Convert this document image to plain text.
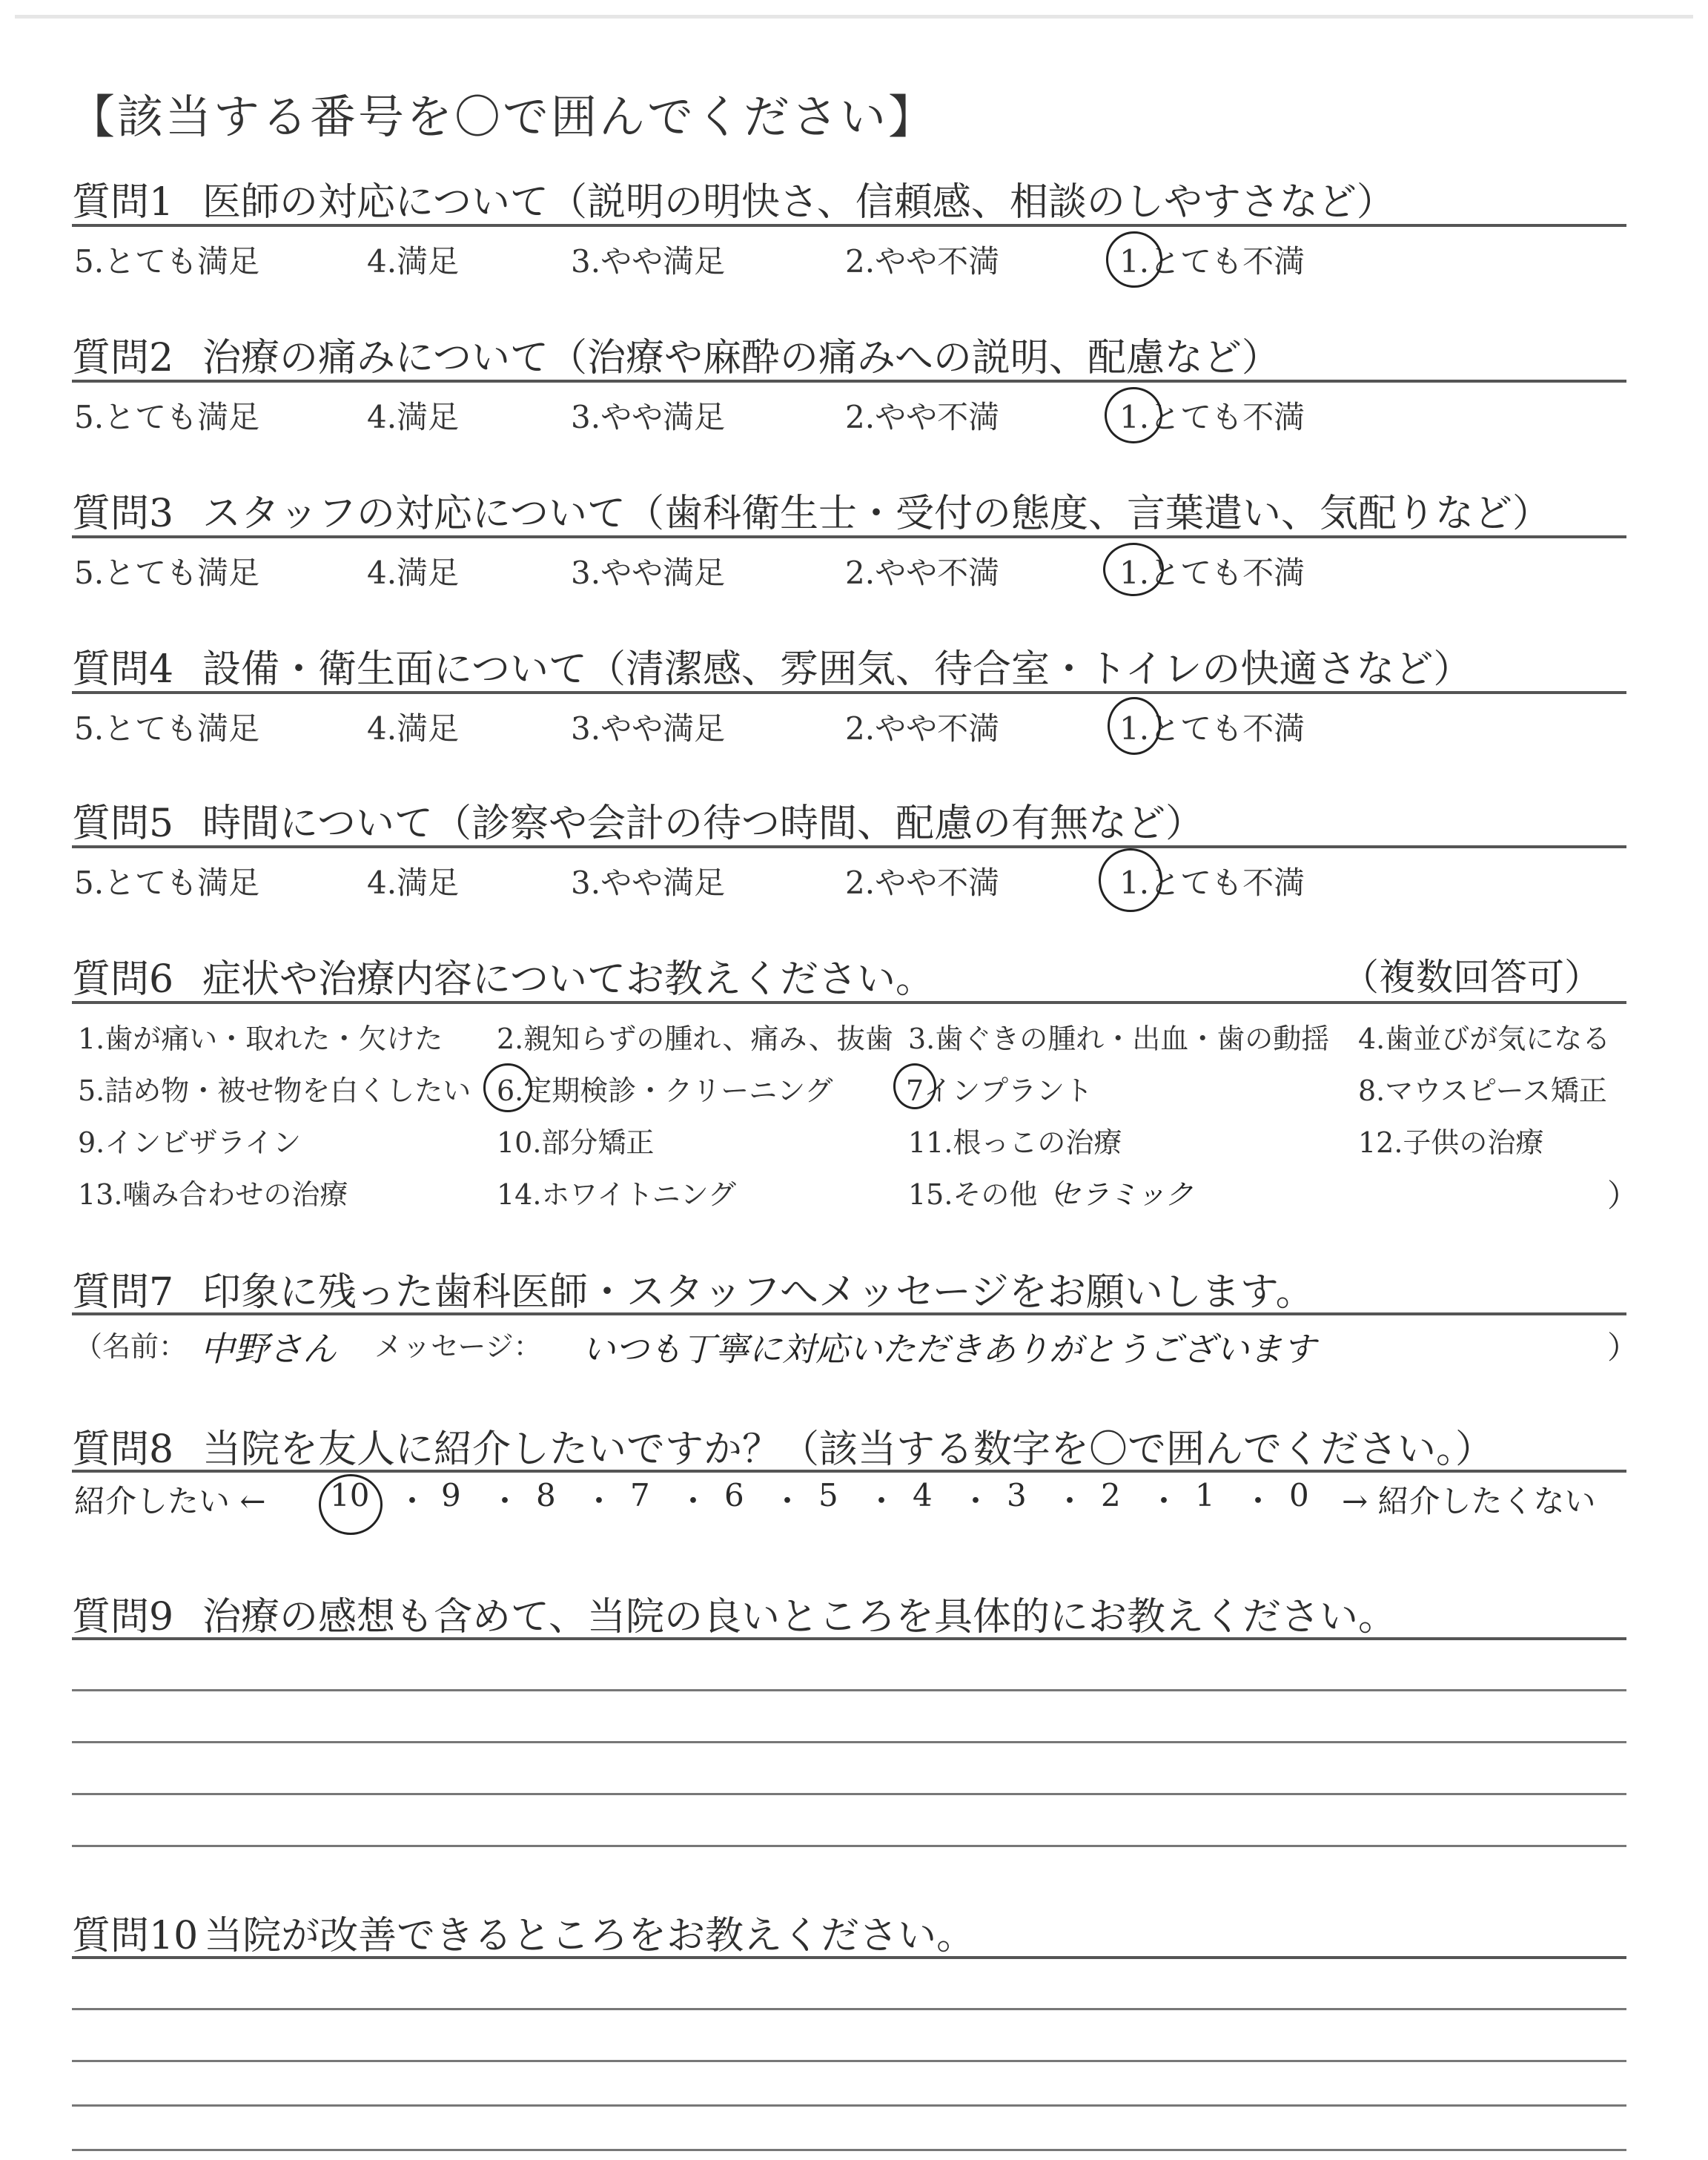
【該当する番号を〇で囲んでください】
質問1 医師の対応について（説明の明快さ、信頼感、相談のしやすさなど）
5.とても満足	4.満足	3.やや満足	2.やや不満	1.とても不満
質問2 治療の痛みについて（治療や麻酔の痛みへの説明、配慮など）
5.とても満足	4.満足	3.やや満足	2.やや不満	1.とても不満
質問3 スタッフの対応について（歯科衛生士・受付の態度、言葉遣い、気配りなど）
5.とても満足	4.満足	3.やや満足	2.やや不満	1.とても不満
質問4 設備・衛生面について（清潔感、雰囲気、待合室・トイレの快適さなど）
5.とても満足	4.満足	3.やや満足	2.やや不満	1.とても不満
質問5 時間について（診察や会計の待つ時間、配慮の有無など）
5.とても満足	4.満足	3.やや満足	2.やや不満	1.とても不満
質問6 症状や治療内容についてお教えください。	（複数回答可）
1.歯が痛い・取れた・欠けた 2.親知らずの腫れ、痛み、抜歯 3.歯ぐきの腫れ・出血・歯の動揺 4.歯並びが気になる
5.詰め物・被せ物を白くしたい 6.定期検診・クリーニング	7インプラント	8.マウスピース矯正
9.インビザライン	10.部分矯正	11.根っこの治療	12.子供の治療
13.噛み合わせの治療	14.ホワイトニング	15.その他（
セラミック	）
質問7 印象に残った歯科医師・スタッフへメッセージをお願いします。
（名前： 中野さん メッセージ： いつも丁寧に対応いただきありがとうございます	）
質問8 当院を友人に紹介したいですか？（該当する数字を〇で囲んでください。）
紹介したい ← 10 ・ 9 ・ 8 ・ 7 ・ 6 ・ 5 ・ 4 ・ 3 ・ 2 ・ 1 ・ 0 → 紹介したくない
質問9 治療の感想も含めて、当院の良いところを具体的にお教えください。
質問10 当院が改善できるところをお教えください。
